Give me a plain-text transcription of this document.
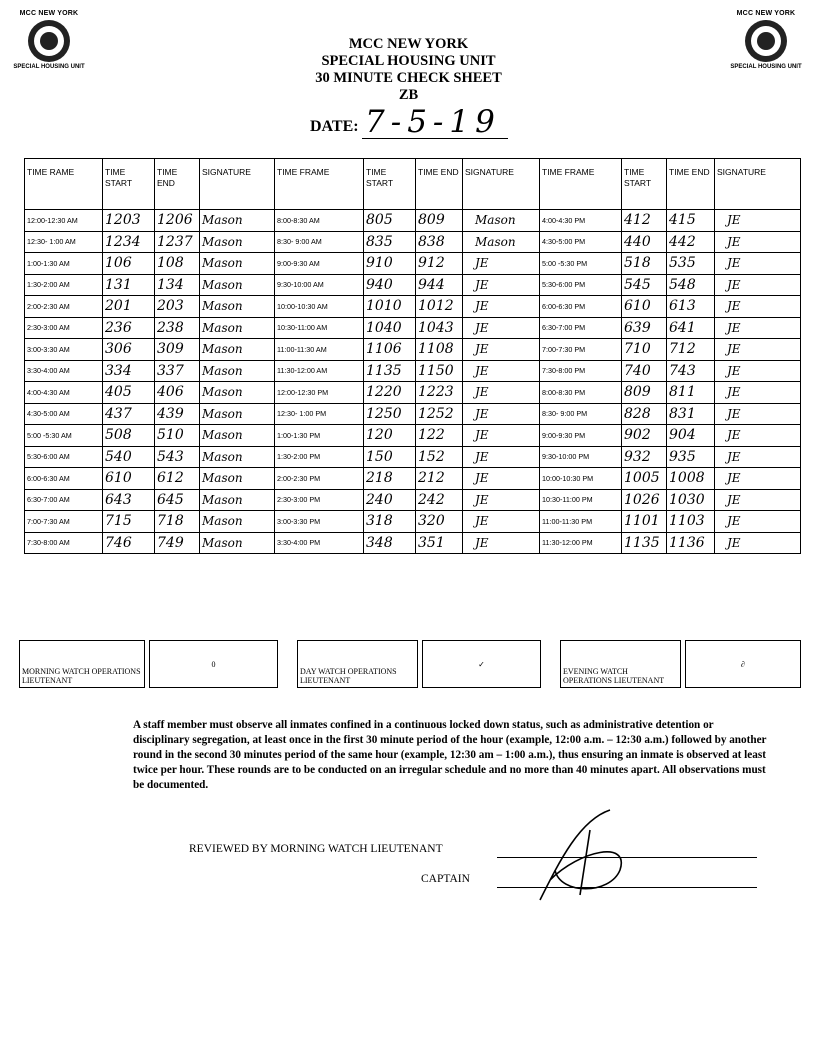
MCC NEW YORK
SPECIAL HOUSING UNIT
MCC NEW YORK
SPECIAL HOUSING UNIT
MCC NEW YORK
SPECIAL HOUSING UNIT
30 MINUTE CHECK SHEET
ZB
DATE: 7-5-19
TIME RAME	TIME START	TIME END	SIGNATURE	TIME FRAME	TIME START	TIME END	SIGNATURE	TIME FRAME	TIME START	TIME END	SIGNATURE
12:00-12:30 AM	1203	1206	Mason	8:00-8:30 AM	805	809	Mason	4:00-4:30 PM	412	415	JE
12:30- 1:00 AM	1234	1237	Mason	8:30- 9:00 AM	835	838	Mason	4:30-5:00 PM	440	442	JE
1:00-1:30 AM	106	108	Mason	9:00-9:30 AM	910	912	JE	5:00 -5:30 PM	518	535	JE
1:30-2:00 AM	131	134	Mason	9:30-10:00 AM	940	944	JE	5:30-6:00 PM	545	548	JE
2:00-2:30 AM	201	203	Mason	10:00-10:30 AM	1010	1012	JE	6:00-6:30 PM	610	613	JE
2:30-3:00 AM	236	238	Mason	10:30-11:00 AM	1040	1043	JE	6:30-7:00 PM	639	641	JE
3:00-3:30 AM	306	309	Mason	11:00-11:30 AM	1106	1108	JE	7:00-7:30 PM	710	712	JE
3:30-4:00 AM	334	337	Mason	11:30-12:00 AM	1135	1150	JE	7:30-8:00 PM	740	743	JE
4:00-4:30 AM	405	406	Mason	12:00-12:30 PM	1220	1223	JE	8:00-8:30 PM	809	811	JE
4:30-5:00 AM	437	439	Mason	12:30- 1:00 PM	1250	1252	JE	8:30- 9:00 PM	828	831	JE
5:00 -5:30 AM	508	510	Mason	1:00-1:30 PM	120	122	JE	9:00-9:30 PM	902	904	JE
5:30-6:00 AM	540	543	Mason	1:30-2:00 PM	150	152	JE	9:30-10:00 PM	932	935	JE
6:00-6:30 AM	610	612	Mason	2:00-2:30 PM	218	212	JE	10:00-10:30 PM	1005	1008	JE
6:30-7:00 AM	643	645	Mason	2:30-3:00 PM	240	242	JE	10:30-11:00 PM	1026	1030	JE
7:00-7:30 AM	715	718	Mason	3:00-3:30 PM	318	320	JE	11:00-11:30 PM	1101	1103	JE
7:30-8:00 AM	746	749	Mason	3:30-4:00 PM	348	351	JE	11:30-12:00 PM	1135	1136	JE
MORNING WATCH OPERATIONS LIEUTENANT		0		DAY WATCH OPERATIONS LIEUTENANT		✓		EVENING WATCH OPERATIONS LIEUTENANT		∂
A staff member must observe all inmates confined in a continuous locked down status, such as administrative detention or disciplinary segregation, at least once in the first 30 minute period of the hour (example, 12:00 a.m. – 12:30 a.m.) followed by another round in the second 30 minutes period of the same hour (example, 12:30 am – 1:00 a.m.), thus ensuring an inmate is observed at least twice per hour. These rounds are to be conducted on an irregular schedule and no more than 40 minutes apart. All observations must be documented.
REVIEWED BY MORNING WATCH LIEUTENANT
CAPTAIN
